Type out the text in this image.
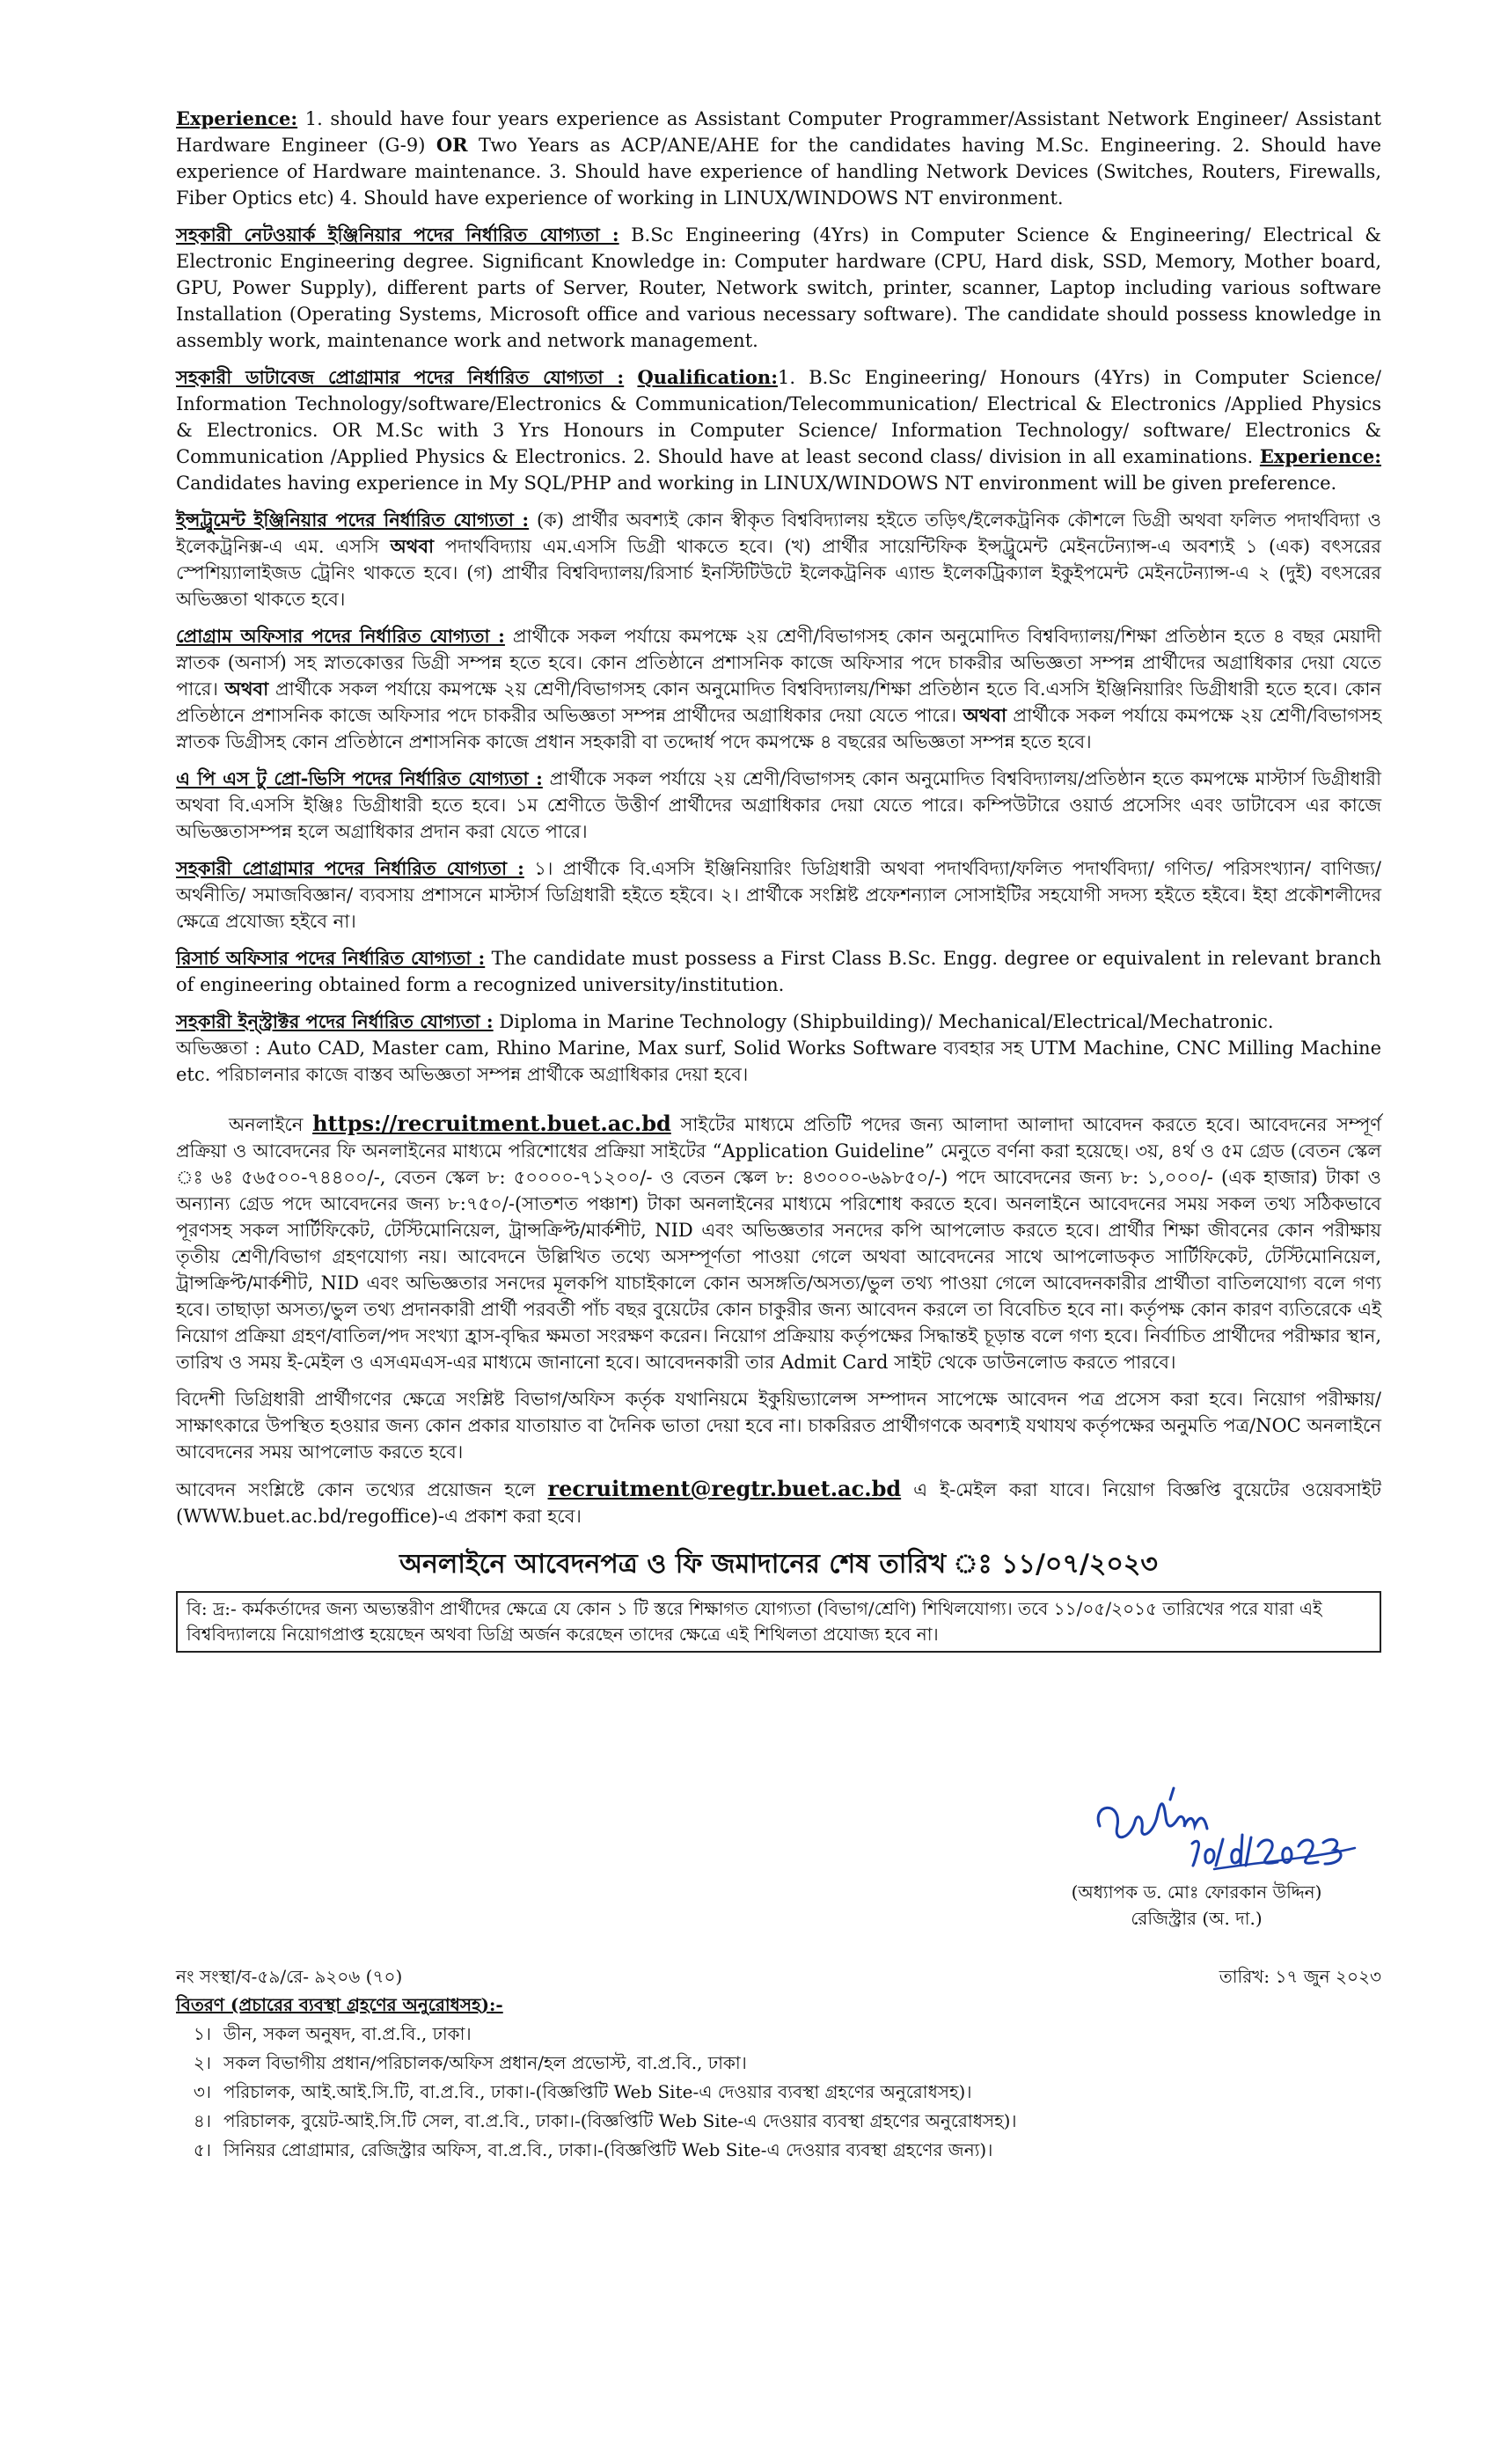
Experience: 1. should have four years experience as Assistant Computer Programmer/Assistant Network Engineer/ Assistant Hardware Engineer (G-9) OR Two Years as ACP/ANE/AHE for the candidates having M.Sc. Engineering. 2. Should have experience of Hardware maintenance. 3. Should have experience of handling Network Devices (Switches, Routers, Firewalls, Fiber Optics etc) 4. Should have experience of working in LINUX/WINDOWS NT environment.

সহকারী নেটওয়ার্ক ইঞ্জিনিয়ার পদের নির্ধারিত যোগ্যতা : B.Sc Engineering (4Yrs) in Computer Science & Engineering/ Electrical & Electronic Engineering degree. Significant Knowledge in: Computer hardware (CPU, Hard disk, SSD, Memory, Mother board, GPU, Power Supply), different parts of Server, Router, Network switch, printer, scanner, Laptop including various software Installation (Operating Systems, Microsoft office and various necessary software). The candidate should possess knowledge in assembly work, maintenance work and network management.

সহকারী ডাটাবেজ প্রোগ্রামার পদের নির্ধারিত যোগ্যতা : Qualification:1. B.Sc Engineering/ Honours (4Yrs) in Computer Science/ Information Technology/software/Electronics & Communication/Telecommunication/ Electrical & Electronics /Applied Physics & Electronics. OR M.Sc with 3 Yrs Honours in Computer Science/ Information Technology/ software/ Electronics & Communication /Applied Physics & Electronics. 2. Should have at least second class/ division in all examinations. Experience: Candidates having experience in My SQL/PHP and working in LINUX/WINDOWS NT environment will be given preference.

ইন্সট্রুমেন্ট ইঞ্জিনিয়ার পদের নির্ধারিত যোগ্যতা : (ক) প্রার্থীর অবশ্যই কোন স্বীকৃত বিশ্ববিদ্যালয় হইতে তড়িৎ/ইলেকট্রনিক কৌশলে ডিগ্রী অথবা ফলিত পদার্থবিদ্যা ও ইলেকট্রনিক্স-এ এম. এসসি অথবা পদার্থবিদ্যায় এম.এসসি ডিগ্রী থাকতে হবে। (খ) প্রার্থীর সায়েন্টিফিক ইন্সট্রুমেন্ট মেইনটেন্যান্স-এ অবশ্যই ১ (এক) বৎসরের স্পেশিয়্যালাইজড ট্রেনিং থাকতে হবে। (গ) প্রার্থীর বিশ্ববিদ্যালয়/রিসার্চ ইনস্টিটিউটে ইলেকট্রনিক এ্যান্ড ইলেকট্রিক্যাল ইকুইপমেন্ট মেইনটেন্যান্স-এ ২ (দুই) বৎসরের অভিজ্ঞতা থাকতে হবে।

প্রোগ্রাম অফিসার পদের নির্ধারিত যোগ্যতা : প্রার্থীকে সকল পর্যায়ে কমপক্ষে ২য় শ্রেণী/বিভাগসহ কোন অনুমোদিত বিশ্ববিদ্যালয়/শিক্ষা প্রতিষ্ঠান হতে ৪ বছর মেয়াদী স্নাতক (অনার্স) সহ স্নাতকোত্তর ডিগ্রী সম্পন্ন হতে হবে। কোন প্রতিষ্ঠানে প্রশাসনিক কাজে অফিসার পদে চাকরীর অভিজ্ঞতা সম্পন্ন প্রার্থীদের অগ্রাধিকার দেয়া যেতে পারে। অথবা প্রার্থীকে সকল পর্যায়ে কমপক্ষে ২য় শ্রেণী/বিভাগসহ কোন অনুমোদিত বিশ্ববিদ্যালয়/শিক্ষা প্রতিষ্ঠান হতে বি.এসসি ইঞ্জিনিয়ারিং ডিগ্রীধারী হতে হবে। কোন প্রতিষ্ঠানে প্রশাসনিক কাজে অফিসার পদে চাকরীর অভিজ্ঞতা সম্পন্ন প্রার্থীদের অগ্রাধিকার দেয়া যেতে পারে। অথবা প্রার্থীকে সকল পর্যায়ে কমপক্ষে ২য় শ্রেণী/বিভাগসহ স্নাতক ডিগ্রীসহ কোন প্রতিষ্ঠানে প্রশাসনিক কাজে প্রধান সহকারী বা তদ্দোর্ধ পদে কমপক্ষে ৪ বছরের অভিজ্ঞতা সম্পন্ন হতে হবে।

এ পি এস টু প্রো-ভিসি পদের নির্ধারিত যোগ্যতা : প্রার্থীকে সকল পর্যায়ে ২য় শ্রেণী/বিভাগসহ কোন অনুমোদিত বিশ্ববিদ্যালয়/প্রতিষ্ঠান হতে কমপক্ষে মাস্টার্স ডিগ্রীধারী অথবা বি.এসসি ইঞ্জিঃ ডিগ্রীধারী হতে হবে। ১ম শ্রেণীতে উত্তীর্ণ প্রার্থীদের অগ্রাধিকার দেয়া যেতে পারে। কম্পিউটারে ওয়ার্ড প্রসেসিং এবং ডাটাবেস এর কাজে অভিজ্ঞতাসম্পন্ন হলে অগ্রাধিকার প্রদান করা যেতে পারে।

সহকারী প্রোগ্রামার পদের নির্ধারিত যোগ্যতা : ১। প্রার্থীকে বি.এসসি ইঞ্জিনিয়ারিং ডিগ্রিধারী অথবা পদার্থবিদ্যা/ফলিত পদার্থবিদ্যা/ গণিত/ পরিসংখ্যান/ বাণিজ্য/ অর্থনীতি/ সমাজবিজ্ঞান/ ব্যবসায় প্রশাসনে মাস্টার্স ডিগ্রিধারী হইতে হইবে। ২। প্রার্থীকে সংশ্লিষ্ট প্রফেশন্যাল সোসাইটির সহযোগী সদস্য হইতে হইবে। ইহা প্রকৌশলীদের ক্ষেত্রে প্রযোজ্য হইবে না।

রিসার্চ অফিসার পদের নির্ধারিত যোগ্যতা : The candidate must possess a First Class B.Sc. Engg. degree or equivalent in relevant branch of engineering obtained form a recognized university/institution.

সহকারী ইন্স্ট্রাক্টর পদের নির্ধারিত যোগ্যতা : Diploma in Marine Technology (Shipbuilding)/ Mechanical/Electrical/Mechatronic.
অভিজ্ঞতা : Auto CAD, Master cam, Rhino Marine, Max surf, Solid Works Software ব্যবহার সহ UTM Machine, CNC Milling Machine etc. পরিচালনার কাজে বাস্তব অভিজ্ঞতা সম্পন্ন প্রার্থীকে অগ্রাধিকার দেয়া হবে।

অনলাইনে https://recruitment.buet.ac.bd সাইটের মাধ্যমে প্রতিটি পদের জন্য আলাদা আলাদা আবেদন করতে হবে। আবেদনের সম্পূর্ণ প্রক্রিয়া ও আবেদনের ফি অনলাইনের মাধ্যমে পরিশোধের প্রক্রিয়া সাইটের “Application Guideline” মেনুতে বর্ণনা করা হয়েছে। ৩য়, ৪র্থ ও ৫ম গ্রেড (বেতন স্কেল ঃ ৬ঃ ৫৬৫০০-৭৪৪০০/-, বেতন স্কেল ৮: ৫০০০০-৭১২০০/- ও বেতন স্কেল ৮: ৪৩০০০-৬৯৮৫০/-) পদে আবেদনের জন্য ৮: ১,০০০/- (এক হাজার) টাকা ও অন্যান্য গ্রেড পদে আবেদনের জন্য ৮:৭৫০/-(সাতশত পঞ্চাশ) টাকা অনলাইনের মাধ্যমে পরিশোধ করতে হবে। অনলাইনে আবেদনের সময় সকল তথ্য সঠিকভাবে পূরণসহ সকল সার্টিফিকেট, টেস্টিমোনিয়েল, ট্রান্সক্রিপ্ট/মার্কশীট, NID এবং অভিজ্ঞতার সনদের কপি আপলোড করতে হবে। প্রার্থীর শিক্ষা জীবনের কোন পরীক্ষায় তৃতীয় শ্রেণী/বিভাগ গ্রহণযোগ্য নয়। আবেদনে উল্লিখিত তথ্যে অসম্পূর্ণতা পাওয়া গেলে অথবা আবেদনের সাথে আপলোডকৃত সার্টিফিকেট, টেস্টিমোনিয়েল, ট্রান্সক্রিপ্ট/মার্কশীট, NID এবং অভিজ্ঞতার সনদের মূলকপি যাচাইকালে কোন অসঙ্গতি/অসত্য/ভুল তথ্য পাওয়া গেলে আবেদনকারীর প্রার্থীতা বাতিলযোগ্য বলে গণ্য হবে। তাছাড়া অসত্য/ভুল তথ্য প্রদানকারী প্রার্থী পরবর্তী পাঁচ বছর বুয়েটের কোন চাকুরীর জন্য আবেদন করলে তা বিবেচিত হবে না। কর্তৃপক্ষ কোন কারণ ব্যতিরেকে এই নিয়োগ প্রক্রিয়া গ্রহণ/বাতিল/পদ সংখ্যা হ্রাস-বৃদ্ধির ক্ষমতা সংরক্ষণ করেন। নিয়োগ প্রক্রিয়ায় কর্তৃপক্ষের সিদ্ধান্তই চূড়ান্ত বলে গণ্য হবে। নির্বাচিত প্রার্থীদের পরীক্ষার স্থান, তারিখ ও সময় ই-মেইল ও এসএমএস-এর মাধ্যমে জানানো হবে। আবেদনকারী তার Admit Card সাইট থেকে ডাউনলোড করতে পারবে।

বিদেশী ডিগ্রিধারী প্রার্থীগণের ক্ষেত্রে সংশ্লিষ্ট বিভাগ/অফিস কর্তৃক যথানিয়মে ইকুয়িভ্যালেন্স সম্পাদন সাপেক্ষে আবেদন পত্র প্রসেস করা হবে। নিয়োগ পরীক্ষায়/সাক্ষাৎকারে উপস্থিত হওয়ার জন্য কোন প্রকার যাতায়াত বা দৈনিক ভাতা দেয়া হবে না। চাকরিরত প্রার্থীগণকে অবশ্যই যথাযথ কর্তৃপক্ষের অনুমতি পত্র/NOC অনলাইনে আবেদনের সময় আপলোড করতে হবে।

আবেদন সংশ্লিষ্টে কোন তথ্যের প্রয়োজন হলে recruitment@regtr.buet.ac.bd এ ই-মেইল করা যাবে। নিয়োগ বিজ্ঞপ্তি বুয়েটের ওয়েবসাইট (WWW.buet.ac.bd/regoffice)-এ প্রকাশ করা হবে।

অনলাইনে আবেদনপত্র ও ফি জমাদানের শেষ তারিখ ঃ ১১/০৭/২০২৩
বি: দ্র:- কর্মকর্তাদের জন্য অভ্যন্তরীণ প্রার্থীদের ক্ষেত্রে যে কোন ১ টি স্তরে শিক্ষাগত যোগ্যতা (বিভাগ/শ্রেণি) শিথিলযোগ্য। তবে ১১/০৫/২০১৫ তারিখের পরে যারা এই বিশ্ববিদ্যালয়ে নিয়োগপ্রাপ্ত হয়েছেন অথবা ডিগ্রি অর্জন করেছেন তাদের ক্ষেত্রে এই শিথিলতা প্রযোজ্য হবে না।
(অধ্যাপক ড. মোঃ ফোরকান উদ্দিন)
রেজিস্ট্রার (অ. দা.)
নং সংস্থা/ব-৫৯/রে- ৯২০৬ (৭০)	তারিখ: ১৭ জুন ২০২৩
বিতরণ (প্রচারের ব্যবস্থা গ্রহণের অনুরোধসহ):-
১। ডীন, সকল অনুষদ, বা.প্র.বি., ঢাকা।
২। সকল বিভাগীয় প্রধান/পরিচালক/অফিস প্রধান/হল প্রভোস্ট, বা.প্র.বি., ঢাকা।
৩। পরিচালক, আই.আই.সি.টি, বা.প্র.বি., ঢাকা।-(বিজ্ঞপ্তিটি Web Site-এ দেওয়ার ব্যবস্থা গ্রহণের অনুরোধসহ)।
৪। পরিচালক, বুয়েট-আই.সি.টি সেল, বা.প্র.বি., ঢাকা।-(বিজ্ঞপ্তিটি Web Site-এ দেওয়ার ব্যবস্থা গ্রহণের অনুরোধসহ)।
৫। সিনিয়র প্রোগ্রামার, রেজিস্ট্রার অফিস, বা.প্র.বি., ঢাকা।-(বিজ্ঞপ্তিটি Web Site-এ দেওয়ার ব্যবস্থা গ্রহণের জন্য)।
